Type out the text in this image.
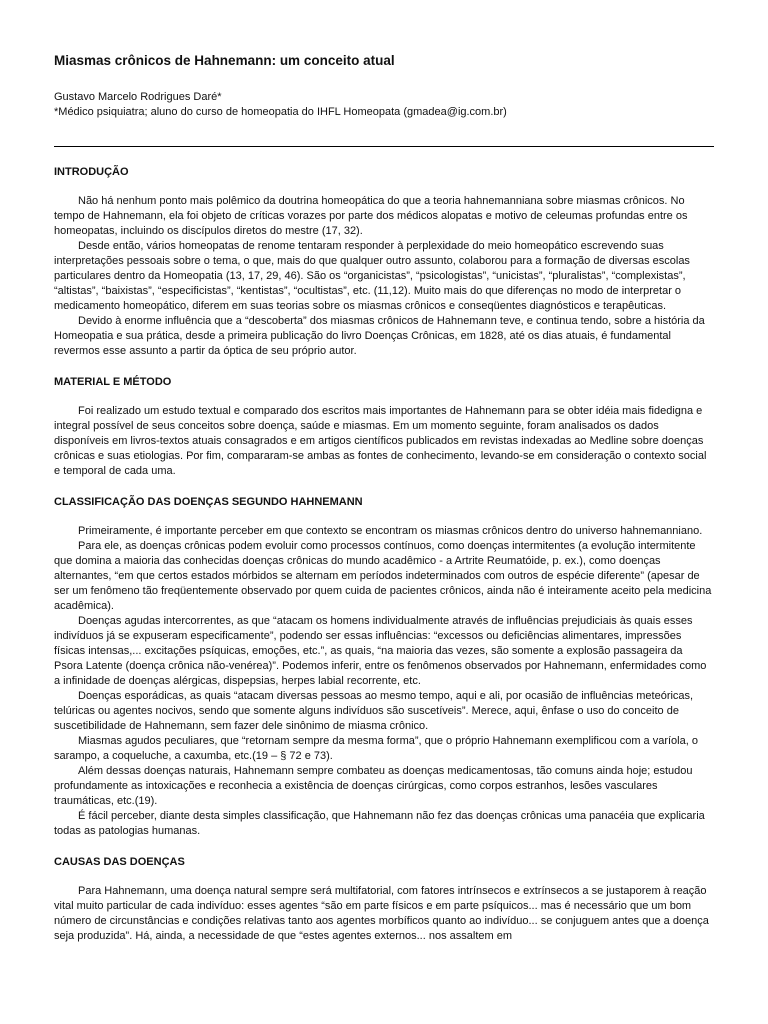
Miasmas crônicos de Hahnemann: um conceito atual
Gustavo Marcelo Rodrigues Daré*
*Médico psiquiatra; aluno do curso de homeopatia do IHFL Homeopata (gmadea@ig.com.br)
INTRODUÇÃO

Não há nenhum ponto mais polêmico da doutrina homeopática do que a teoria hahnemanniana sobre miasmas crônicos. No tempo de Hahnemann, ela foi objeto de críticas vorazes por parte dos médicos alopatas e motivo de celeumas profundas entre os homeopatas, incluindo os discípulos diretos do mestre (17, 32).

Desde então, vários homeopatas de renome tentaram responder à perplexidade do meio homeopático escrevendo suas interpretações pessoais sobre o tema, o que, mais do que qualquer outro assunto, colaborou para a formação de diversas escolas particulares dentro da Homeopatia (13, 17, 29, 46). São os “organicistas”, “psicologistas”, “unicistas”, “pluralistas”, “complexistas”, “altistas”, “baixistas”, “especificistas”, “kentistas”, “ocultistas”, etc. (11,12). Muito mais do que diferenças no modo de interpretar o medicamento homeopático, diferem em suas teorias sobre os miasmas crônicos e conseqüentes diagnósticos e terapêuticas.

Devido à enorme influência que a “descoberta” dos miasmas crônicos de Hahnemann teve, e continua tendo, sobre a história da Homeopatia e sua prática, desde a primeira publicação do livro Doenças Crônicas, em 1828, até os dias atuais, é fundamental revermos esse assunto a partir da óptica de seu próprio autor.

MATERIAL E MÉTODO

Foi realizado um estudo textual e comparado dos escritos mais importantes de Hahnemann para se obter idéia mais fidedigna e integral possível de seus conceitos sobre doença, saúde e miasmas. Em um momento seguinte, foram analisados os dados disponíveis em livros-textos atuais consagrados e em artigos científicos publicados em revistas indexadas ao Medline sobre doenças crônicas e suas etiologias. Por fim, compararam-se ambas as fontes de conhecimento, levando-se em consideração o contexto social e temporal de cada uma.

CLASSIFICAÇÃO DAS DOENÇAS SEGUNDO HAHNEMANN

Primeiramente, é importante perceber em que contexto se encontram os miasmas crônicos dentro do universo hahnemanniano.

Para ele, as doenças crônicas podem evoluir como processos contínuos, como doenças intermitentes (a evolução intermitente que domina a maioria das conhecidas doenças crônicas do mundo acadêmico - a Artrite Reumatóide, p. ex.), como doenças alternantes, “em que certos estados mórbidos se alternam em períodos indeterminados com outros de espécie diferente” (apesar de ser um fenômeno tão freqüentemente observado por quem cuida de pacientes crônicos, ainda não é inteiramente aceito pela medicina acadêmica).

Doenças agudas intercorrentes, as que “atacam os homens individualmente através de influências prejudiciais às quais esses indivíduos já se expuseram especificamente”, podendo ser essas influências: “excessos ou deficiências alimentares, impressões físicas intensas,... excitações psíquicas, emoções, etc.”, as quais, “na maioria das vezes, são somente a explosão passageira da Psora Latente (doença crônica não-venérea)”. Podemos inferir, entre os fenômenos observados por Hahnemann, enfermidades como a infinidade de doenças alérgicas, dispepsias, herpes labial recorrente, etc.

Doenças esporádicas, as quais “atacam diversas pessoas ao mesmo tempo, aqui e ali, por ocasião de influências meteóricas, telúricas ou agentes nocivos, sendo que somente alguns indivíduos são suscetíveis”. Merece, aqui, ênfase o uso do conceito de suscetibilidade de Hahnemann, sem fazer dele sinônimo de miasma crônico.

Miasmas agudos peculiares, que “retornam sempre da mesma forma”, que o próprio Hahnemann exemplificou com a varíola, o sarampo, a coqueluche, a caxumba, etc.(19 – § 72 e 73).

Além dessas doenças naturais, Hahnemann sempre combateu as doenças medicamentosas, tão comuns ainda hoje; estudou profundamente as intoxicações e reconhecia a existência de doenças cirúrgicas, como corpos estranhos, lesões vasculares traumáticas, etc.(19).

É fácil perceber, diante desta simples classificação, que Hahnemann não fez das doenças crônicas uma panacéia que explicaria todas as patologias humanas.

CAUSAS DAS DOENÇAS

Para Hahnemann, uma doença natural sempre será multifatorial, com fatores intrínsecos e extrínsecos a se justaporem à reação vital muito particular de cada indivíduo: esses agentes “são em parte físicos e em parte psíquicos... mas é necessário que um bom número de circunstâncias e condições relativas tanto aos agentes morbíficos quanto ao indivíduo... se conjuguem antes que a doença seja produzida”. Há, ainda, a necessidade de que “estes agentes externos... nos assaltem em
